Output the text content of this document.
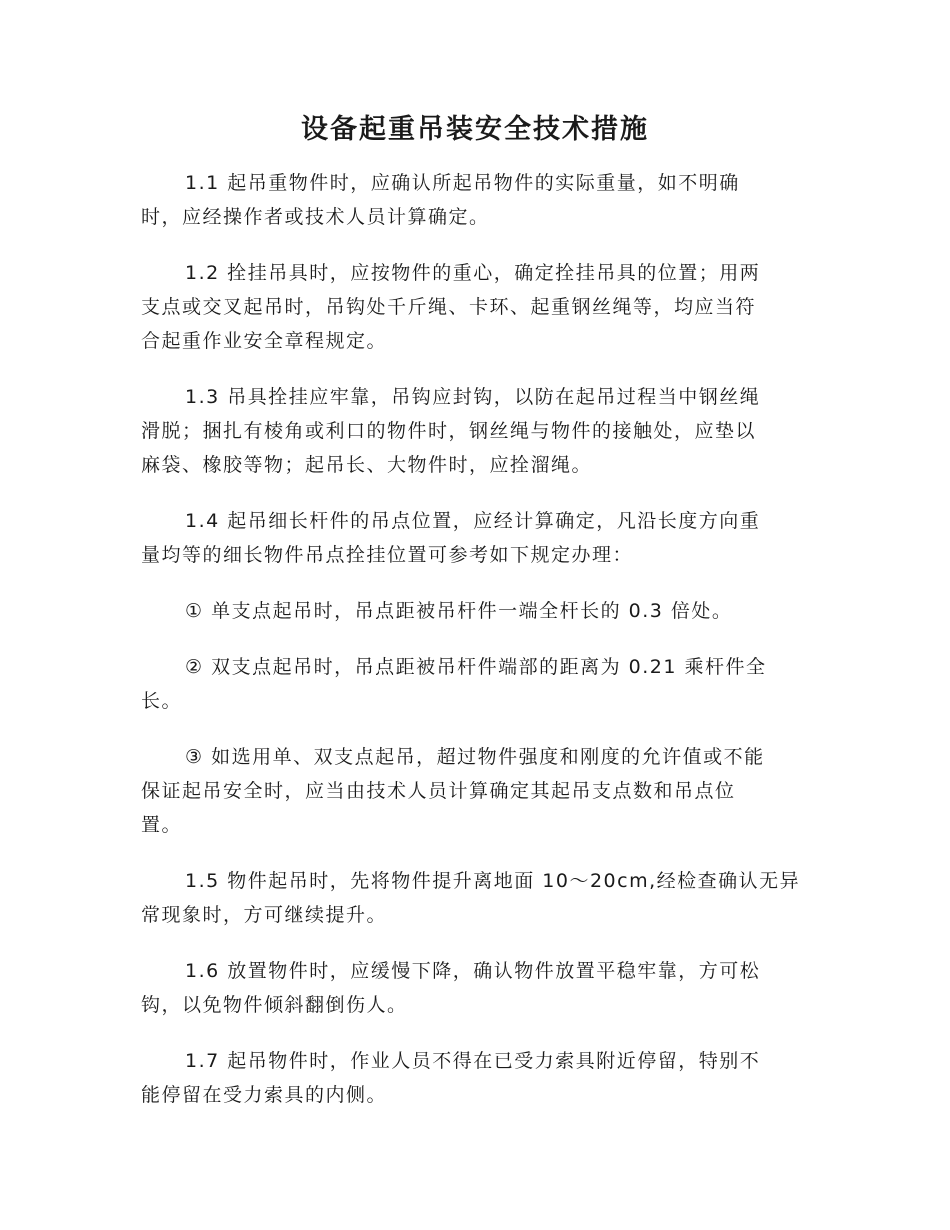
设备起重吊装安全技术措施
1.1 起吊重物件时，应确认所起吊物件的实际重量，如不明确
时，应经操作者或技术人员计算确定。
1.2 拴挂吊具时，应按物件的重心，确定拴挂吊具的位置；用两
支点或交叉起吊时，吊钩处千斤绳、卡环、起重钢丝绳等，均应当符
合起重作业安全章程规定。
1.3 吊具拴挂应牢靠，吊钩应封钩，以防在起吊过程当中钢丝绳
滑脱；捆扎有棱角或利口的物件时，钢丝绳与物件的接触处，应垫以
麻袋、橡胶等物；起吊长、大物件时，应拴溜绳。
1.4 起吊细长杆件的吊点位置，应经计算确定，凡沿长度方向重
量均等的细长物件吊点拴挂位置可参考如下规定办理：
① 单支点起吊时，吊点距被吊杆件一端全杆长的 0.3 倍处。
② 双支点起吊时，吊点距被吊杆件端部的距离为 0.21 乘杆件全
长。
③ 如选用单、双支点起吊，超过物件强度和刚度的允许值或不能
保证起吊安全时，应当由技术人员计算确定其起吊支点数和吊点位
置。
1.5 物件起吊时，先将物件提升离地面 10～20cm,经检查确认无异
常现象时，方可继续提升。
1.6 放置物件时，应缓慢下降，确认物件放置平稳牢靠，方可松
钩，以免物件倾斜翻倒伤人。
1.7 起吊物件时，作业人员不得在已受力索具附近停留，特别不
能停留在受力索具的内侧。
